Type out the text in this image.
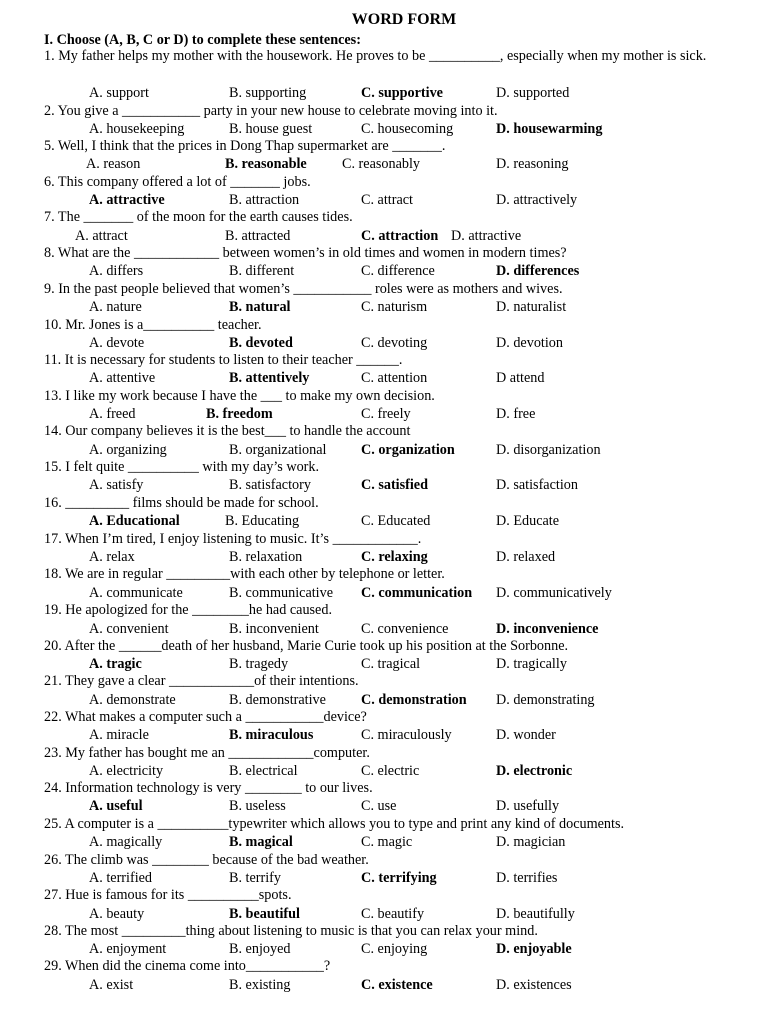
WORD FORM
I. Choose (A, B, C or D) to complete these sentences:
1. My father helps my mother with the housework. He proves to be __________, especially when my mother is sick.
A. support	B. supporting	C. supportive	D. supported
2. You give a ___________ party in your new house to celebrate moving into it.
A. housekeeping	B. house guest	C. housecoming	D. housewarming
5. Well, I think that the prices in Dong Thap supermarket are _______.
A. reason	B. reasonable C. reasonably	D. reasoning
6. This company offered a lot of _______ jobs.
A. attractive	B. attraction	C. attract	D. attractively
7. The _______ of the moon for the earth causes tides.
A. attract	B. attracted	C. attraction D. attractive
8. What are the ____________ between women’s in old times and women in modern times?
A. differs	B. different	C. difference	D. differences
9. In the past people believed that women’s ___________ roles were as mothers and wives.
A. nature	B. natural	C. naturism	D. naturalist
10. Mr. Jones is a__________ teacher.
A. devote	B. devoted	C. devoting	D. devotion
11. It is necessary for students to listen to their teacher ______.
A. attentive	B. attentively	C. attention	D attend
13. I like my work because I have the ___ to make my own decision.
A. freed	B. freedom	C. freely	D. free
14. Our company believes it is the best___ to handle the account
A. organizing	B. organizational C. organization	D. disorganization
15. I felt quite __________ with my day’s work.
A. satisfy	B. satisfactory	C. satisfied	D. satisfaction
16. _________ films should be made for school.
A. Educational	B. Educating	C. Educated	D. Educate
17. When I’m tired, I enjoy listening to music. It’s ____________.
A. relax	B. relaxation	C. relaxing	D. relaxed
18. We are in regular _________with each other by telephone or letter.
A. communicate	B. communicative C. communication D. communicatively
19. He apologized for the ________he had caused.
A. convenient	B. inconvenient	C. convenience	D. inconvenience
20. After the ______death of her husband, Marie Curie took up his position at the Sorbonne.
A. tragic	B. tragedy	C. tragical	D. tragically
21. They gave a clear ____________of their intentions.
A. demonstrate	B. demonstrative C. demonstration D. demonstrating
22. What makes a computer such a ___________device?
A. miracle	B. miraculous	C. miraculously	D. wonder
23. My father has bought me an ____________computer.
A. electricity	B. electrical	C. electric	D. electronic
24. Information technology is very ________ to our lives.
A. useful	B. useless	C. use	D. usefully
25. A computer is a __________typewriter which allows you to type and print any kind of documents.
A. magically	B. magical	C. magic	D. magician
26. The climb was ________ because of the bad weather.
A. terrified	B. terrify	C. terrifying	D. terrifies
27. Hue is famous for its __________spots.
A. beauty	B. beautiful	C. beautify	D. beautifully
28. The most _________thing about listening to music is that you can relax your mind.
A. enjoyment	B. enjoyed	C. enjoying	D. enjoyable
29. When did the cinema come into___________?
A. exist	B. existing	C. existence	D. existences
